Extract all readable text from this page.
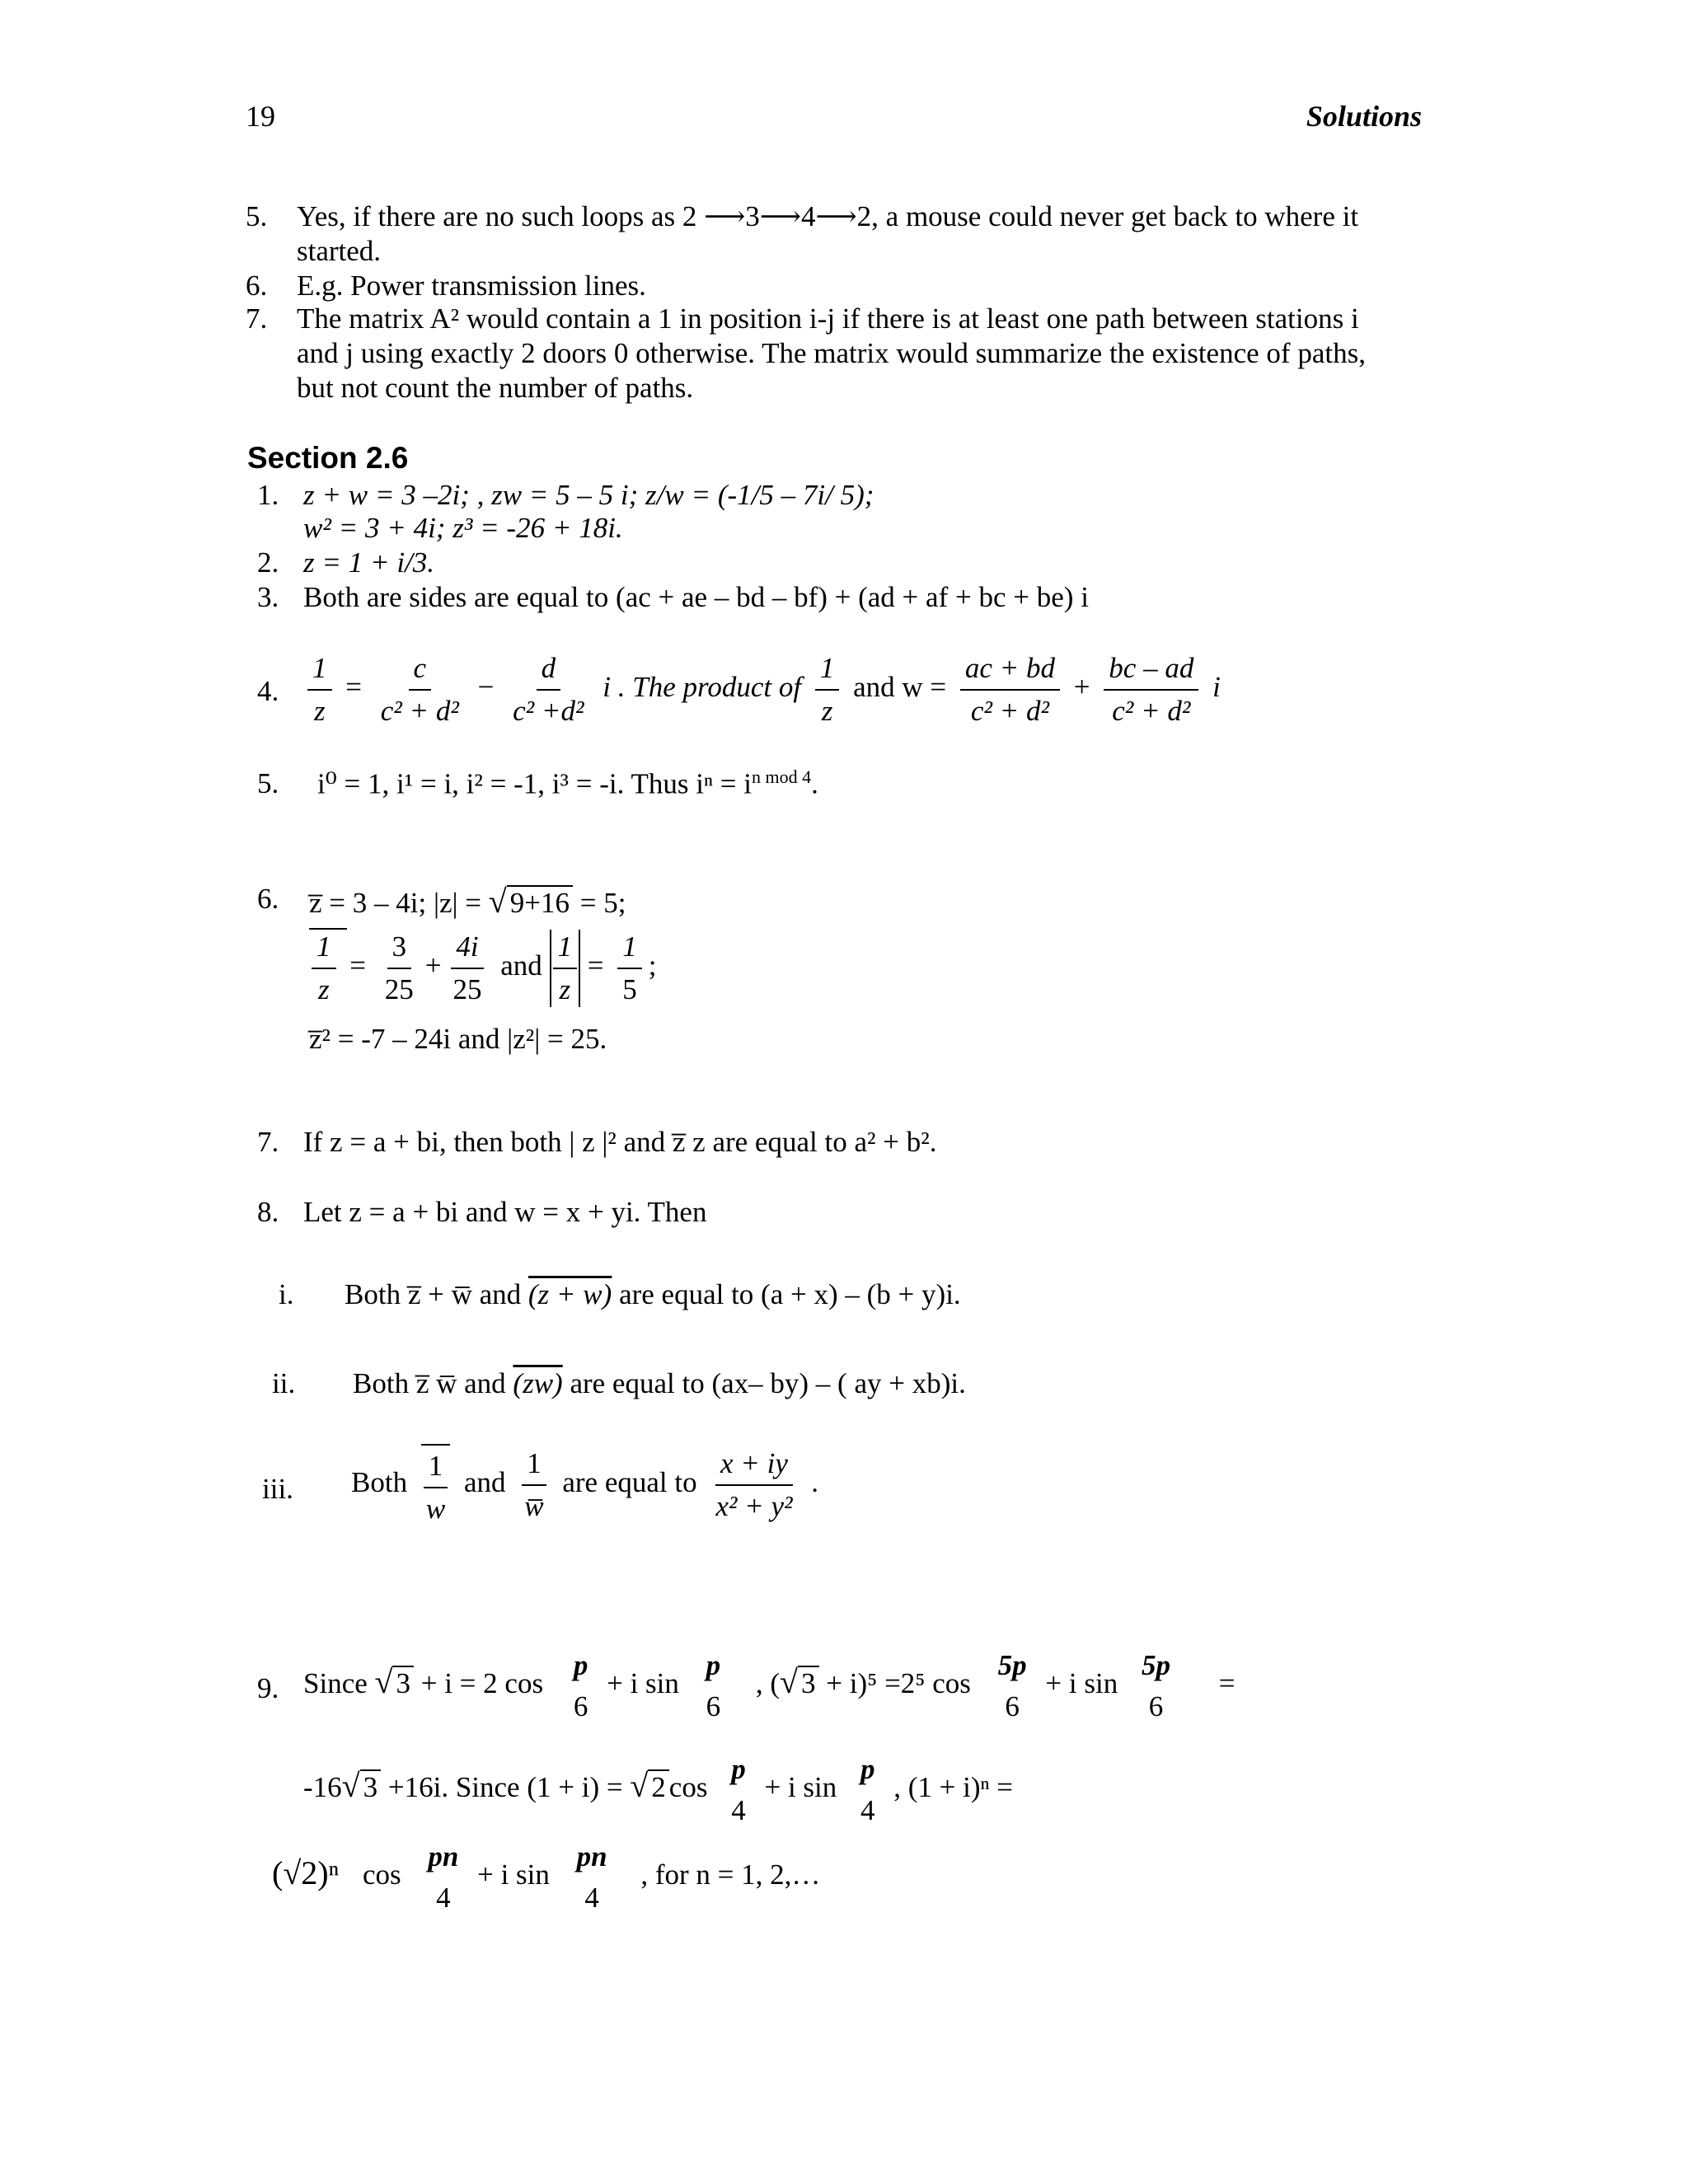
19	Solutions
5. Yes, if there are no such loops as 2 ⟶3⟶4⟶2, a mouse could never get back to where it
started.
6. E.g. Power transmission lines.
7. The matrix A² would contain a 1 in position i-j if there is at least one path between stations i
and j using exactly 2 doors 0 otherwise. The matrix would summarize the existence of paths,
but not count the number of paths.
Section 2.6
1. z + w = 3 –2i; , zw = 5 – 5 i; z/w = (-1/5 – 7i/ 5);
w² = 3 + 4i; z³ = -26 + 18i.
2. z = 1 + i/3.
3. Both are sides are equal to (ac + ae – bd – bf) + (ad + af + bc + be) i
4. $\frac{1}{z} = \frac{c}{\text{c² + d²}} - \frac{d}{\text{c² +d²}}$ i . The product of $\frac{1}{z}$ and $w = \frac{ac + bd}{\text{c² + d²}} + \frac{bc - ad}{\text{c² + d²}}$ i
5. i⁰ = 1, i¹ = i, i² = -1, i³ = -i. Thus $i^n = i^{n mod 4}$.
6. z̅ = 3 – 4i; |z| = √ 9+16 = 5;
$\frac{1}{z} = \frac{3}{25} + \frac{4i}{25}$ and $\frac{1}{z} = \frac{1}{5}$ ;
z̅² = -7 – 24i and |z²| = 25.
7. If z = a + bi, then both | z |² and z̅ z are equal to a² + b².
8. Let z = a + bi and w = x + yi. Then
i. Both z̅ + w̅ and (z + w) are equal to (a + x) – (b + y)i.
ii. Both z̅ w̅ and (zw) are equal to (ax– by) – ( ay + xb)i.
iii. Both $\frac{1}{w}$ and $\frac{1}{w̅}$ are equal to $\frac{x + iy}{\text{x² + y²}}$ .
9. Since √ 3 + i = 2 cos
p
6
+ i sin
p
6
, (√ 3 + i)⁵ =2⁵ cos
5p
6
+ i sin
5p
6
=
-16√ 3 +16i. Since (1 + i) = √ 2 cos
p
4
+ i sin
p
4
, (1 + i)ⁿ =
(√2)ⁿ cos
pn
4
+ i sin
pn
4
, for n = 1, 2,…
